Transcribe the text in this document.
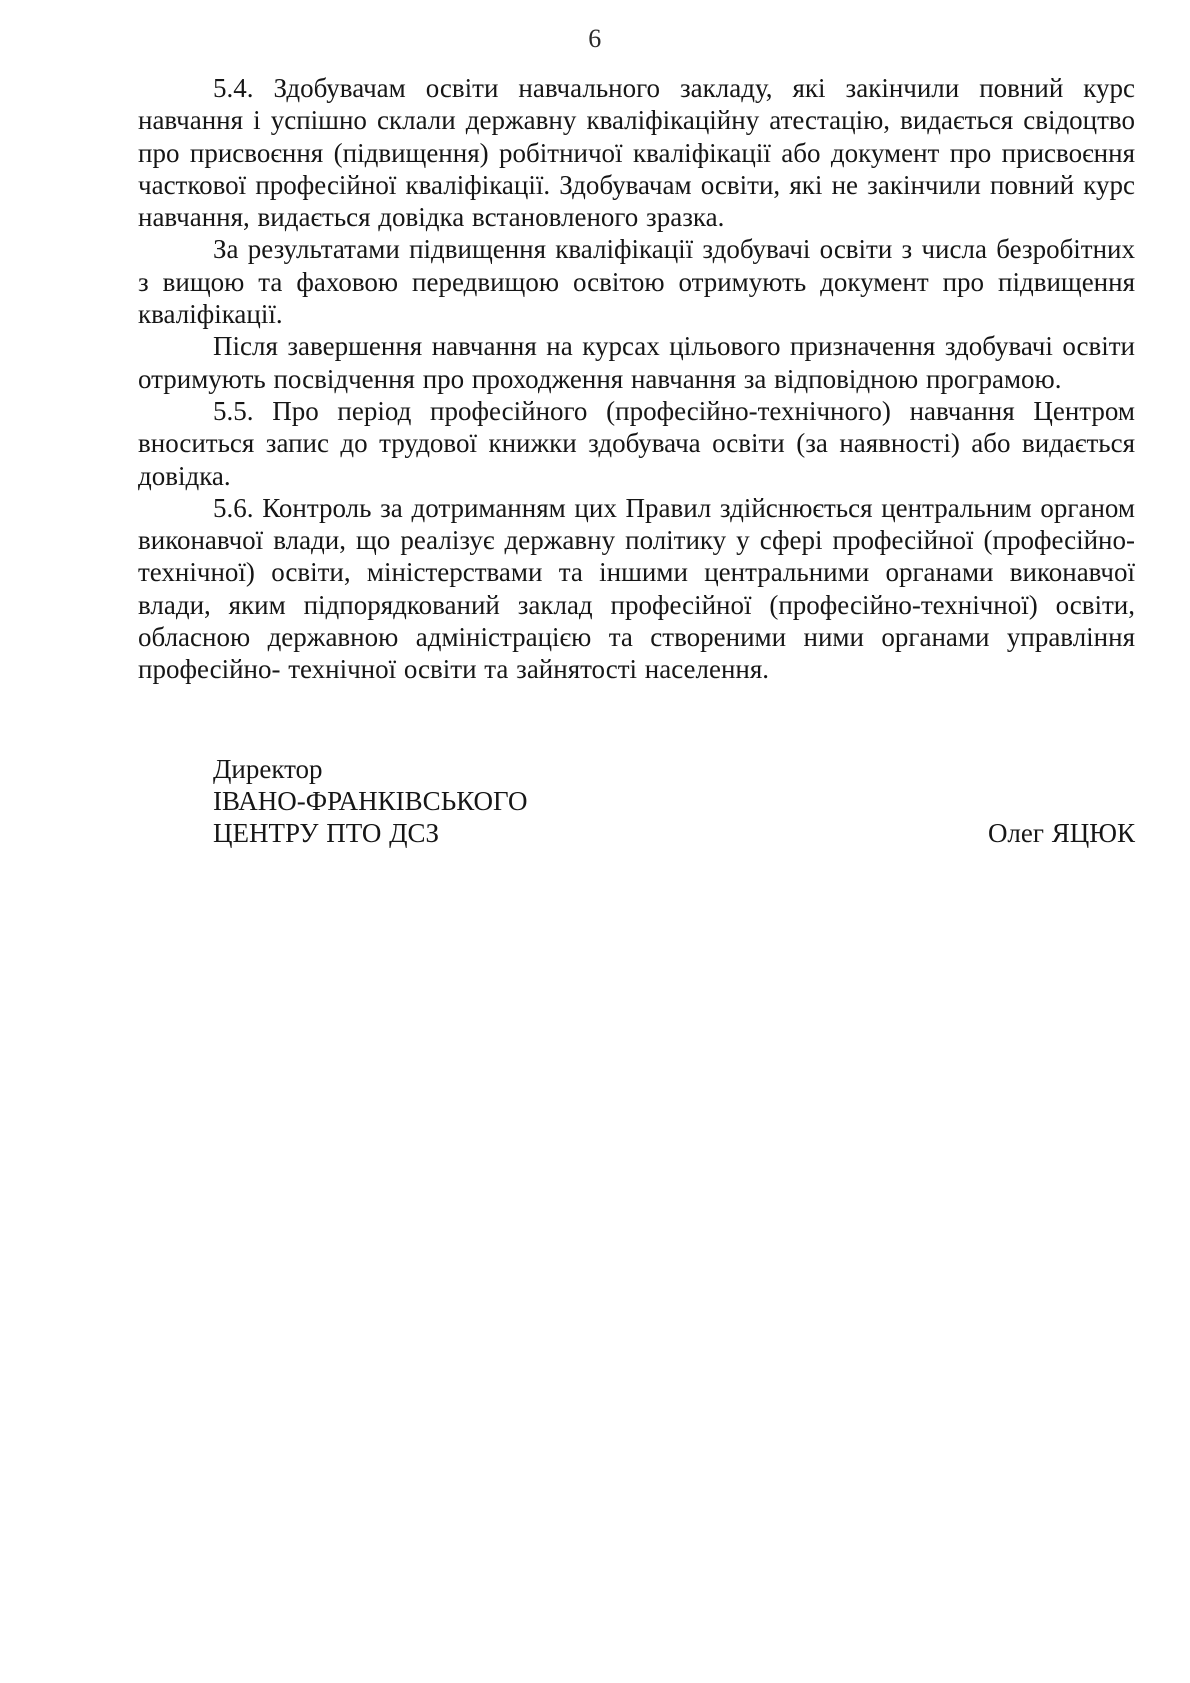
6

5.4. Здобувачам освіти навчального закладу, які закінчили повний курс навчання і успішно склали державну кваліфікаційну атестацію, видається свідоцтво про присвоєння (підвищення) робітничої кваліфікації або документ про присвоєння часткової професійної кваліфікації. Здобувачам освіти, які не закінчили повний курс навчання, видається довідка встановленого зразка.

За результатами підвищення кваліфікації здобувачі освіти з числа безробітних з вищою та фаховою передвищою освітою отримують документ про підвищення кваліфікації.

Після завершення навчання на курсах цільового призначення здобувачі освіти отримують посвідчення про проходження навчання за відповідною програмою.

5.5. Про період професійного (професійно-технічного) навчання Центром вноситься запис до трудової книжки здобувача освіти (за наявності) або видається довідка.

5.6. Контроль за дотриманням цих Правил здійснюється центральним органом виконавчої влади, що реалізує державну політику у сфері професійної (професійно- технічної) освіти, міністерствами та іншими центральними органами виконавчої влади, яким підпорядкований заклад професійної (професійно-технічної) освіти, обласною державною адміністрацією та створеними ними органами управління професійно- технічної освіти та зайнятості населення.

Директор
ІВАНО-ФРАНКІВСЬКОГО
ЦЕНТРУ ПТО ДСЗ	Олег ЯЦЮК
